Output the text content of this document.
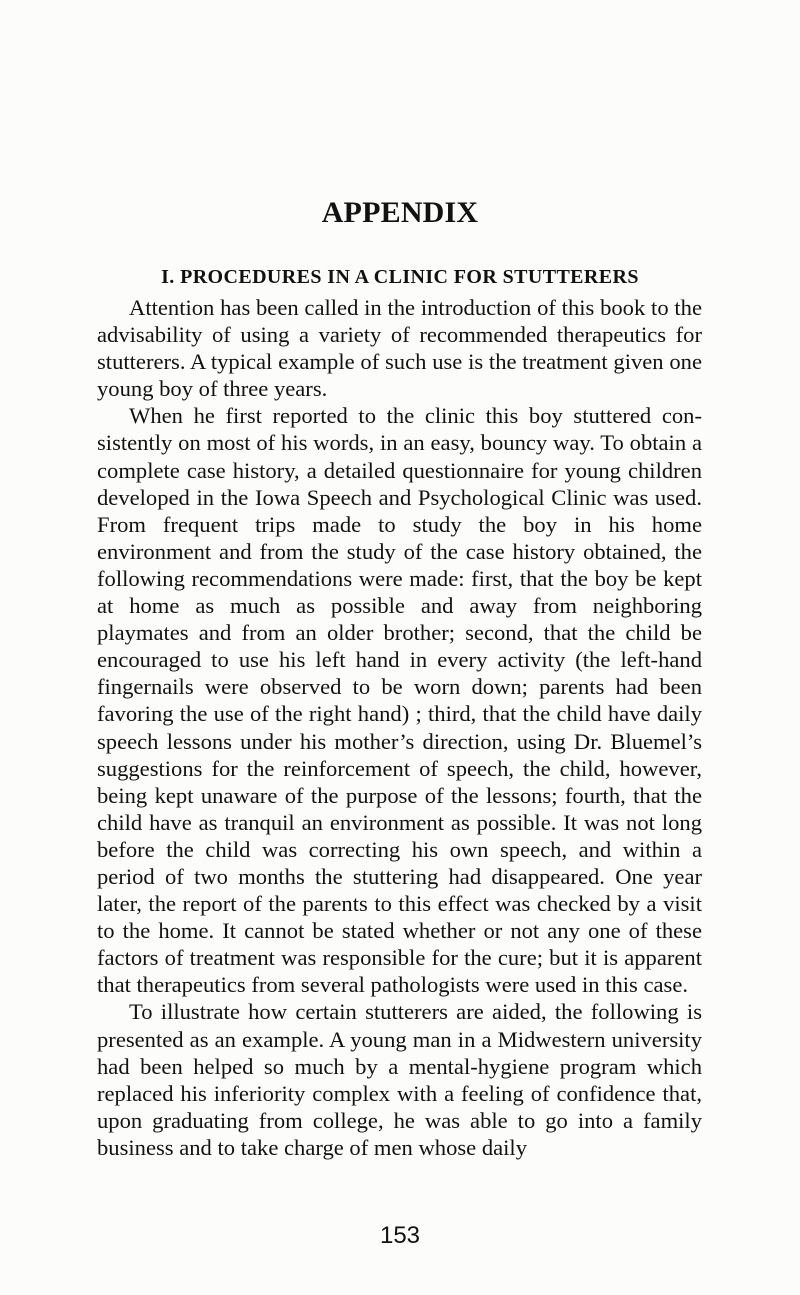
APPENDIX
I. PROCEDURES IN A CLINIC FOR STUTTERERS

Attention has been called in the introduction of this book to the advisability of using a variety of recommended therapeutics for stutterers. A typical example of such use is the treatment given one young boy of three years.

When he first reported to the clinic this boy stuttered consistently on most of his words, in an easy, bouncy way. To obtain a complete case history, a detailed questionnaire for young children developed in the Iowa Speech and Psychological Clinic was used. From frequent trips made to study the boy in his home environment and from the study of the case history obtained, the following recommendations were made: first, that the boy be kept at home as much as possible and away from neighboring playmates and from an older brother; second, that the child be encouraged to use his left hand in every activity (the left-hand fingernails were observed to be worn down; parents had been favoring the use of the right hand) ; third, that the child have daily speech lessons under his mother’s direction, using Dr. Bluemel’s suggestions for the reinforcement of speech, the child, however, being kept unaware of the purpose of the lessons; fourth, that the child have as tranquil an environment as possible. It was not long before the child was correcting his own speech, and within a period of two months the stuttering had disappeared. One year later, the report of the parents to this effect was checked by a visit to the home. It cannot be stated whether or not any one of these factors of treatment was responsible for the cure; but it is apparent that therapeutics from several pathologists were used in this case.

To illustrate how certain stutterers are aided, the following is presented as an example. A young man in a Midwestern university had been helped so much by a mental-hygiene program which replaced his inferiority complex with a feeling of confidence that, upon graduating from college, he was able to go into a family business and to take charge of men whose daily

153
